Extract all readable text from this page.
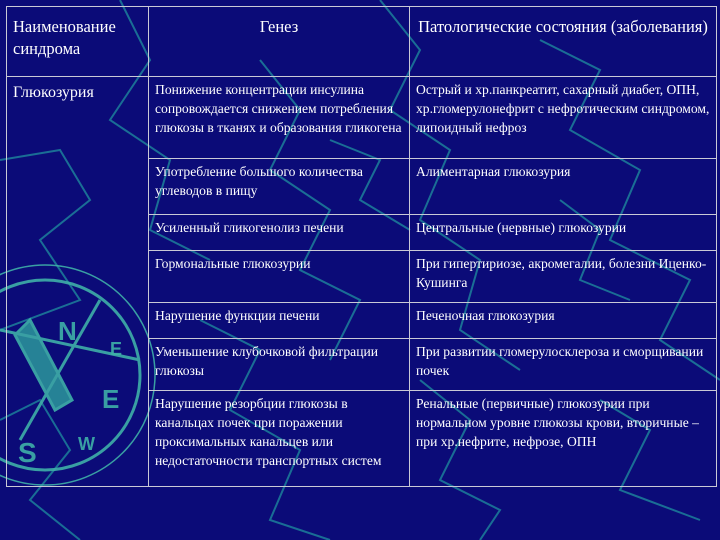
N
E
E
S W
Наименование синдрома	Генез	Патологические состояния (заболевания)
Глюкозурия	Понижение концентрации инсулина сопровождается снижением потребления глюкозы в тканях и образования гликогена	Острый и хр.панкреатит, сахарный диабет, ОПН, хр.гломерулонефрит с нефротическим синдромом, липоидный нефроз
	Употребление большого количества углеводов в пищу	Алиментарная глюкозурия
	Усиленный гликогенолиз печени	Центральные (нервные) глюкозурии
	Гормональные глюкозурии	При гипертириозе, акромегалии, болезни Иценко-Кушинга
	Нарушение функции печени	Печеночная глюкозурия
	Уменьшение клубочковой фильтрации глюкозы	При развитии гломерулосклероза и сморщивании почек
	Нарушение резорбции глюкозы в канальцах почек при поражении проксимальных канальцев или недостаточности транспортных систем	Ренальные (первичные) глюкозурии при нормальном уровне глюкозы крови, вторичные – при хр.нефрите, нефрозе, ОПН
